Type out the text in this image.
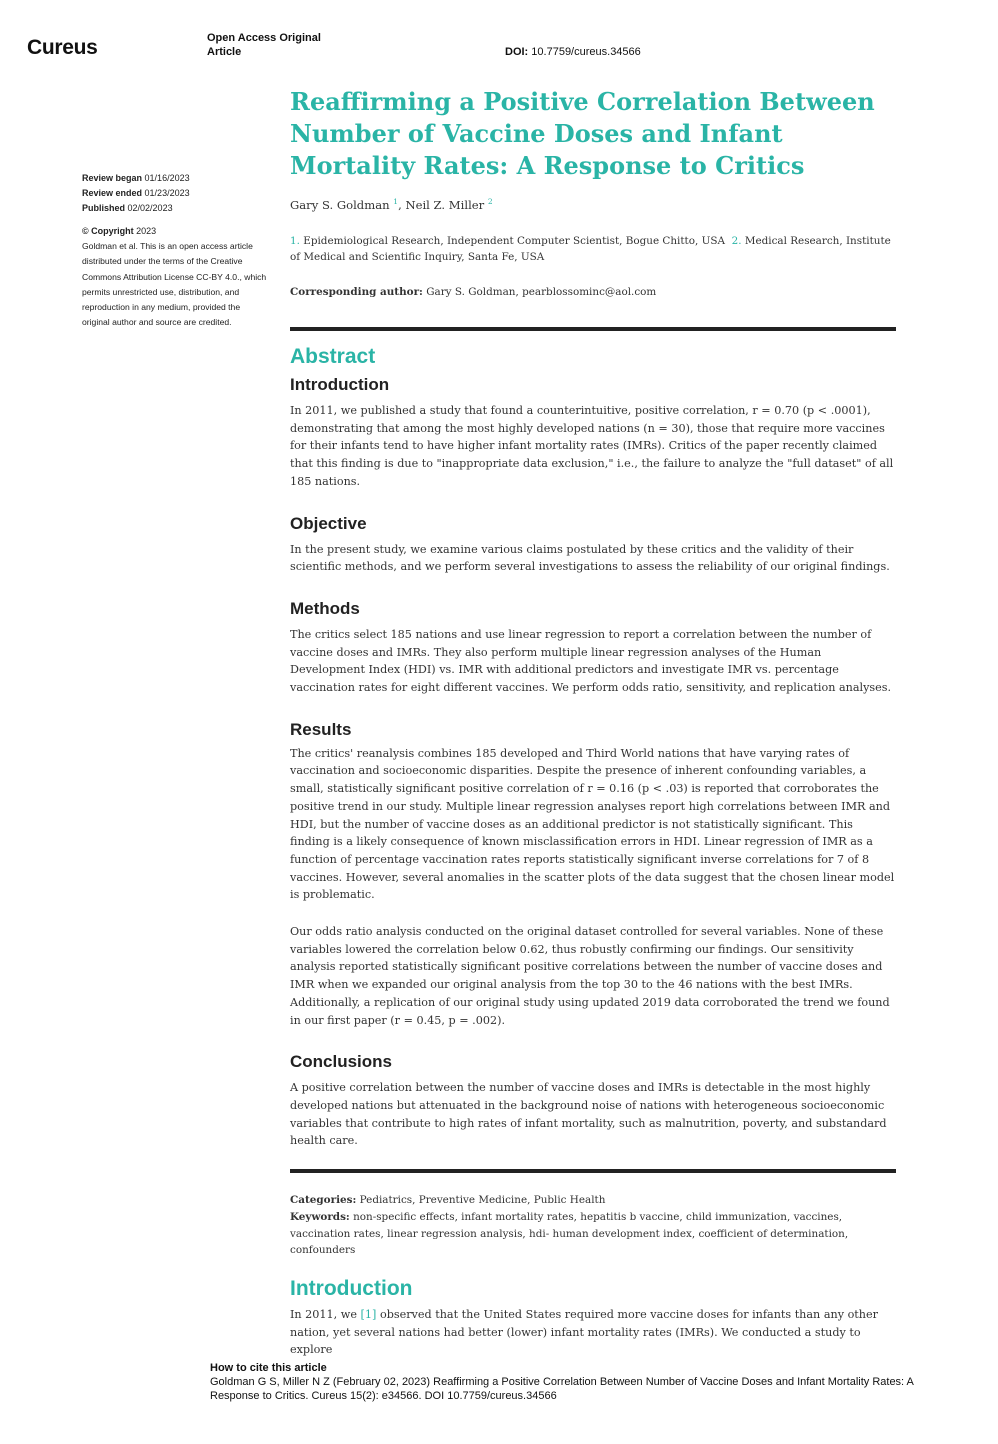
Cureus	Open Access Original
Article	DOI: 10.7759/cureus.34566
Review began 01/16/2023
Review ended 01/23/2023
Published 02/02/2023
© Copyright 2023
Goldman et al. This is an open access article distributed under the terms of the Creative Commons Attribution License CC-BY 4.0., which permits unrestricted use, distribution, and reproduction in any medium, provided the original author and source are credited.
Reaffirming a Positive Correlation Between Number of Vaccine Doses and Infant Mortality Rates: A Response to Critics
Gary S. Goldman $^1$, Neil Z. Miller $^2$
1. Epidemiological Research, Independent Computer Scientist, Bogue Chitto, USA 2. Medical Research, Institute of Medical and Scientific Inquiry, Santa Fe, USA
Corresponding author: Gary S. Goldman, pearblossominc@aol.com
Abstract
Introduction

In 2011, we published a study that found a counterintuitive, positive correlation, r = 0.70 (p < .0001), demonstrating that among the most highly developed nations (n = 30), those that require more vaccines for their infants tend to have higher infant mortality rates (IMRs). Critics of the paper recently claimed that this finding is due to "inappropriate data exclusion," i.e., the failure to analyze the "full dataset" of all 185 nations.

Objective

In the present study, we examine various claims postulated by these critics and the validity of their scientific methods, and we perform several investigations to assess the reliability of our original findings.

Methods

The critics select 185 nations and use linear regression to report a correlation between the number of vaccine doses and IMRs. They also perform multiple linear regression analyses of the Human Development Index (HDI) vs. IMR with additional predictors and investigate IMR vs. percentage vaccination rates for eight different vaccines. We perform odds ratio, sensitivity, and replication analyses.

Results

The critics' reanalysis combines 185 developed and Third World nations that have varying rates of vaccination and socioeconomic disparities. Despite the presence of inherent confounding variables, a small, statistically significant positive correlation of r = 0.16 (p < .03) is reported that corroborates the positive trend in our study. Multiple linear regression analyses report high correlations between IMR and HDI, but the number of vaccine doses as an additional predictor is not statistically significant. This finding is a likely consequence of known misclassification errors in HDI. Linear regression of IMR as a function of percentage vaccination rates reports statistically significant inverse correlations for 7 of 8 vaccines. However, several anomalies in the scatter plots of the data suggest that the chosen linear model is problematic.

Our odds ratio analysis conducted on the original dataset controlled for several variables. None of these variables lowered the correlation below 0.62, thus robustly confirming our findings. Our sensitivity analysis reported statistically significant positive correlations between the number of vaccine doses and IMR when we expanded our original analysis from the top 30 to the 46 nations with the best IMRs. Additionally, a replication of our original study using updated 2019 data corroborated the trend we found in our first paper (r = 0.45, p = .002).

Conclusions

A positive correlation between the number of vaccine doses and IMRs is detectable in the most highly developed nations but attenuated in the background noise of nations with heterogeneous socioeconomic variables that contribute to high rates of infant mortality, such as malnutrition, poverty, and substandard health care.

Categories: Pediatrics, Preventive Medicine, Public Health
Keywords: non-specific effects, infant mortality rates, hepatitis b vaccine, child immunization, vaccines, vaccination rates, linear regression analysis, hdi- human development index, coefficient of determination, confounders
Introduction

In 2011, we [1] observed that the United States required more vaccine doses for infants than any other nation, yet several nations had better (lower) infant mortality rates (IMRs). We conducted a study to explore

How to cite this article
Goldman G S, Miller N Z (February 02, 2023) Reaffirming a Positive Correlation Between Number of Vaccine Doses and Infant Mortality Rates: A Response to Critics. Cureus 15(2): e34566. DOI 10.7759/cureus.34566
